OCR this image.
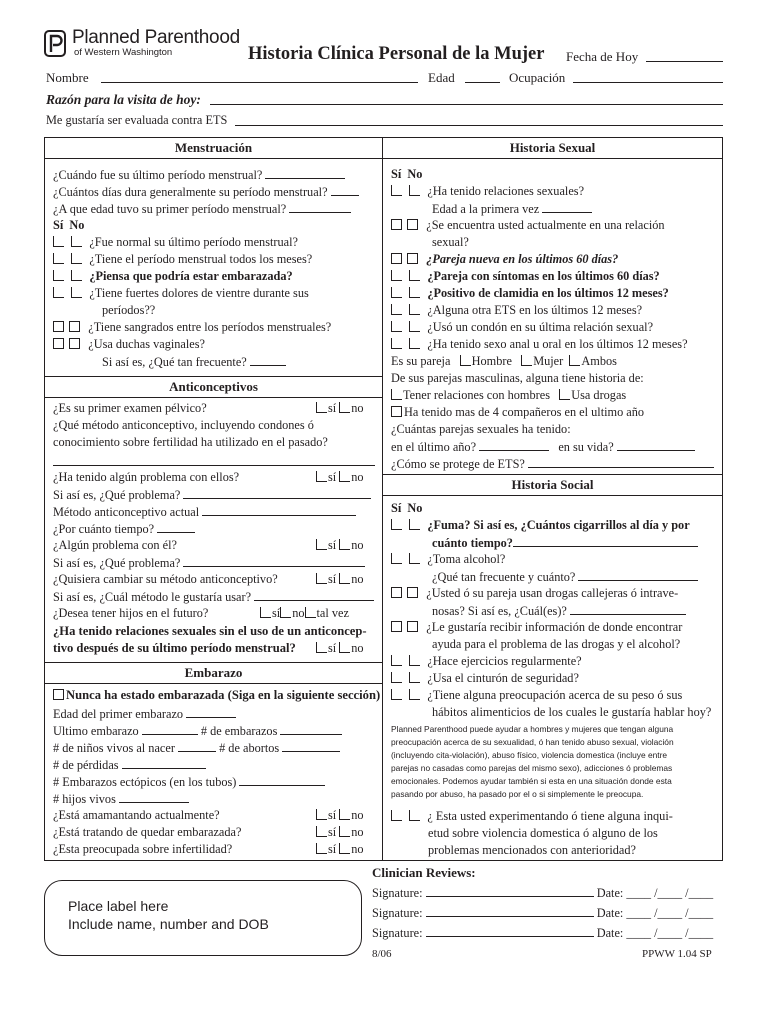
Planned Parenthood
of Western Washington	Historia Clínica Personal de la Mujer Fecha de Hoy
Nombre	Edad	Ocupación
Razón para la visita de hoy:
Me gustaría ser evaluada contra ETS
Menstruación
¿Cuándo fue su último período menstrual?
¿Cuántos días dura generalmente su período menstrual?
¿A que edad tuvo su primer período menstrual?
Sí No
¿Fue normal su último período menstrual?
¿Tiene el período menstrual todos los meses?
¿Piensa que podría estar embarazada?
¿Tiene fuertes dolores de vientre durante sus
períodos??
¿Tiene sangrados entre los períodos menstruales?
¿Usa duchas vaginales?
Si así es, ¿Qué tan frecuente?
Anticonceptivos
¿Es su primer examen pélvico?	sí no
¿Qué método anticonceptivo, incluyendo condones ó
conocimiento sobre fertilidad ha utilizado en el pasado?
¿Ha tenido algún problema con ellos?	sí no
Si así es, ¿Qué problema?
Método anticonceptivo actual
¿Por cuánto tiempo?
¿Algún problema con él?	sí no
Si así es, ¿Qué problema?
¿Quisiera cambiar su método anticonceptivo?	sí no
Si así es, ¿Cuál método le gustaría usar?
¿Desea tener hijos en el futuro?	sí no tal vez
¿Ha tenido relaciones sexuales sin el uso de un anticoncep-
tivo después de su último período menstrual?	sí no
Embarazo
Nunca ha estado embarazada (Siga en la siguiente sección)
Edad del primer embarazo
Ultimo embarazo	# de embarazos
# de niños vivos al nacer	# de abortos
# de pérdidas
# Embarazos ectópicos (en los tubos)
# hijos vivos
¿Está amamantando actualmente?	sí no
¿Está tratando de quedar embarazada?	sí no
¿Esta preocupada sobre infertilidad?	sí no
Historia Sexual
Sí No
¿Ha tenido relaciones sexuales?
Edad a la primera vez
¿Se encuentra usted actualmente en una relación
sexual?
¿Pareja nueva en los últimos 60 días?
¿Pareja con síntomas en los últimos 60 días?
¿Positivo de clamidia en los últimos 12 meses?
¿Alguna otra ETS en los últimos 12 meses?
¿Usó un condón en su última relación sexual?
¿Ha tenido sexo anal u oral en los últimos 12 meses?
Es su pareja Hombre Mujer Ambos
De sus parejas masculinas, alguna tiene historia de:
Tener relaciones con hombres Usa drogas
Ha tenido mas de 4 compañeros en el ultimo año
¿Cuántas parejas sexuales ha tenido:
en el último año?	en su vida?
¿Cómo se protege de ETS?
Historia Social
Sí No
¿Fuma? Si así es, ¿Cuántos cigarrillos al día y por
cuánto tiempo?
¿Toma alcohol?
¿Qué tan frecuente y cuánto?
¿Usted ó su pareja usan drogas callejeras ó intrave-
nosas? Si así es, ¿Cuál(es)?
¿Le gustaría recibir información de donde encontrar
ayuda para el problema de las drogas y el alcohol?
¿Hace ejercicios regularmente?
¿Usa el cinturón de seguridad?
¿Tiene alguna preocupación acerca de su peso ó sus
hábitos alimenticios de los cuales le gustaría hablar hoy?
Planned Parenthood puede ayudar a hombres y mujeres que tengan alguna
preocupación acerca de su sexualidad, ó han tenido abuso sexual, violación
(incluyendo cita-violación), abuso físico, violencia domestica (incluye entre
parejas no casadas como parejas del mismo sexo), adicciones ó problemas
emocionales. Podemos ayudar también si esta en una situación donde esta
pasando por abuso, ha pasado por el o si simplemente le preocupa.
¿ Esta usted experimentando ó tiene alguna inqui-
etud sobre violencia domestica ó alguno de los
problemas mencionados con anterioridad?
Place label here
Include name, number and DOB
Clinician Reviews:
Signature:	Date: ____ /____ /____
Signature:	Date: ____ /____ /____
Signature:	Date: ____ /____ /____
8/06	PPWW 1.04 SP
